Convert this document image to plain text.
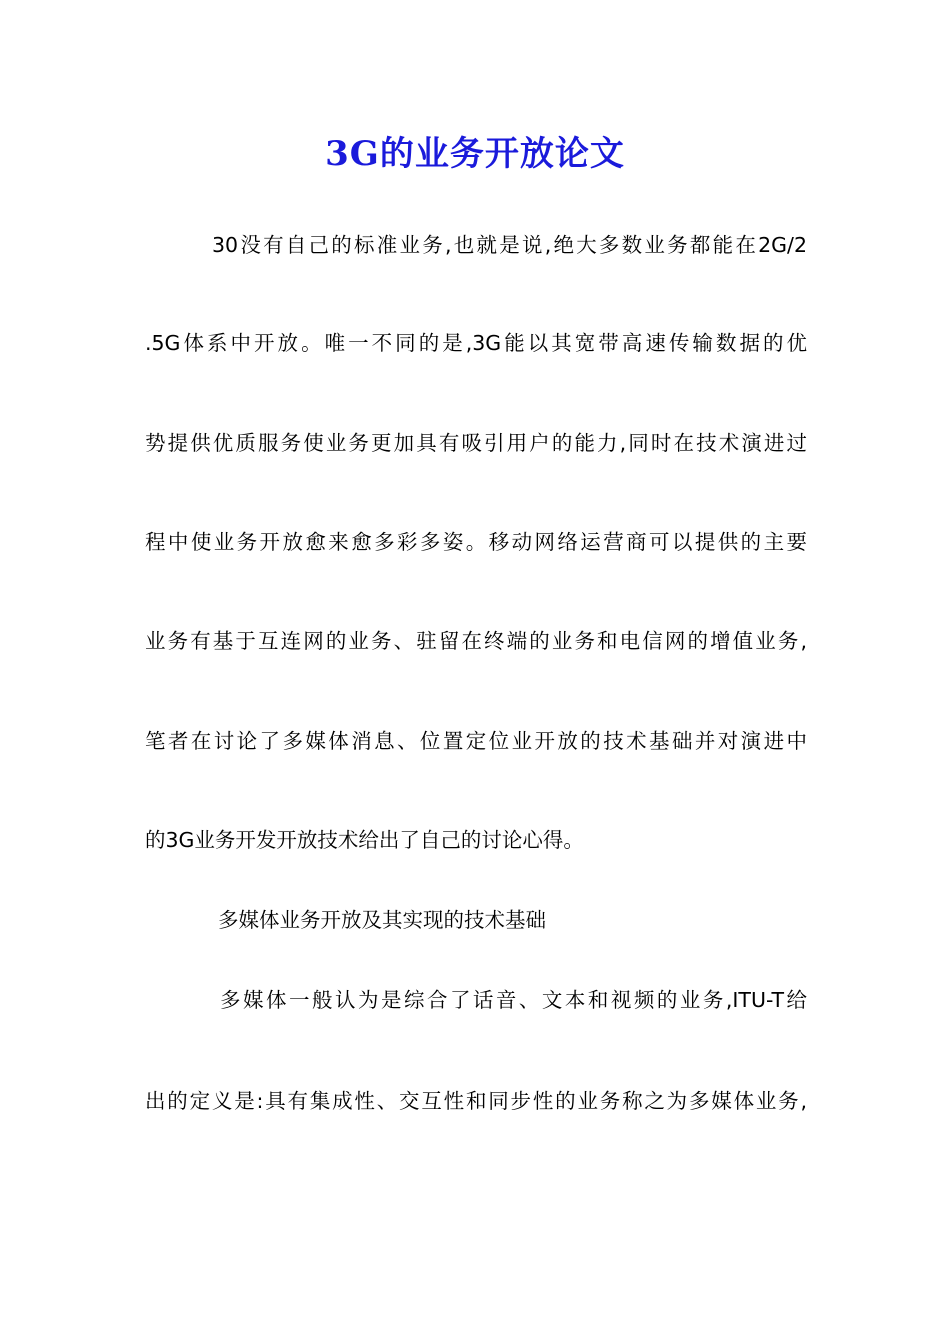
3G的业务开放论文
30没有自己的标准业务,也就是说,绝大多数业务都能在2G/2
.5G体系中开放。唯一不同的是,3G能以其宽带高速传输数据的优
势提供优质服务使业务更加具有吸引用户的能力,同时在技术演进过
程中使业务开放愈来愈多彩多姿。移动网络运营商可以提供的主要
业务有基于互连网的业务、驻留在终端的业务和电信网的增值业务,
笔者在讨论了多媒体消息、位置定位业开放的技术基础并对演进中
的3G业务开发开放技术给出了自己的讨论心得。
多媒体业务开放及其实现的技术基础
多媒体一般认为是综合了话音、文本和视频的业务,ITU-T给
出的定义是:具有集成性、交互性和同步性的业务称之为多媒体业务,
